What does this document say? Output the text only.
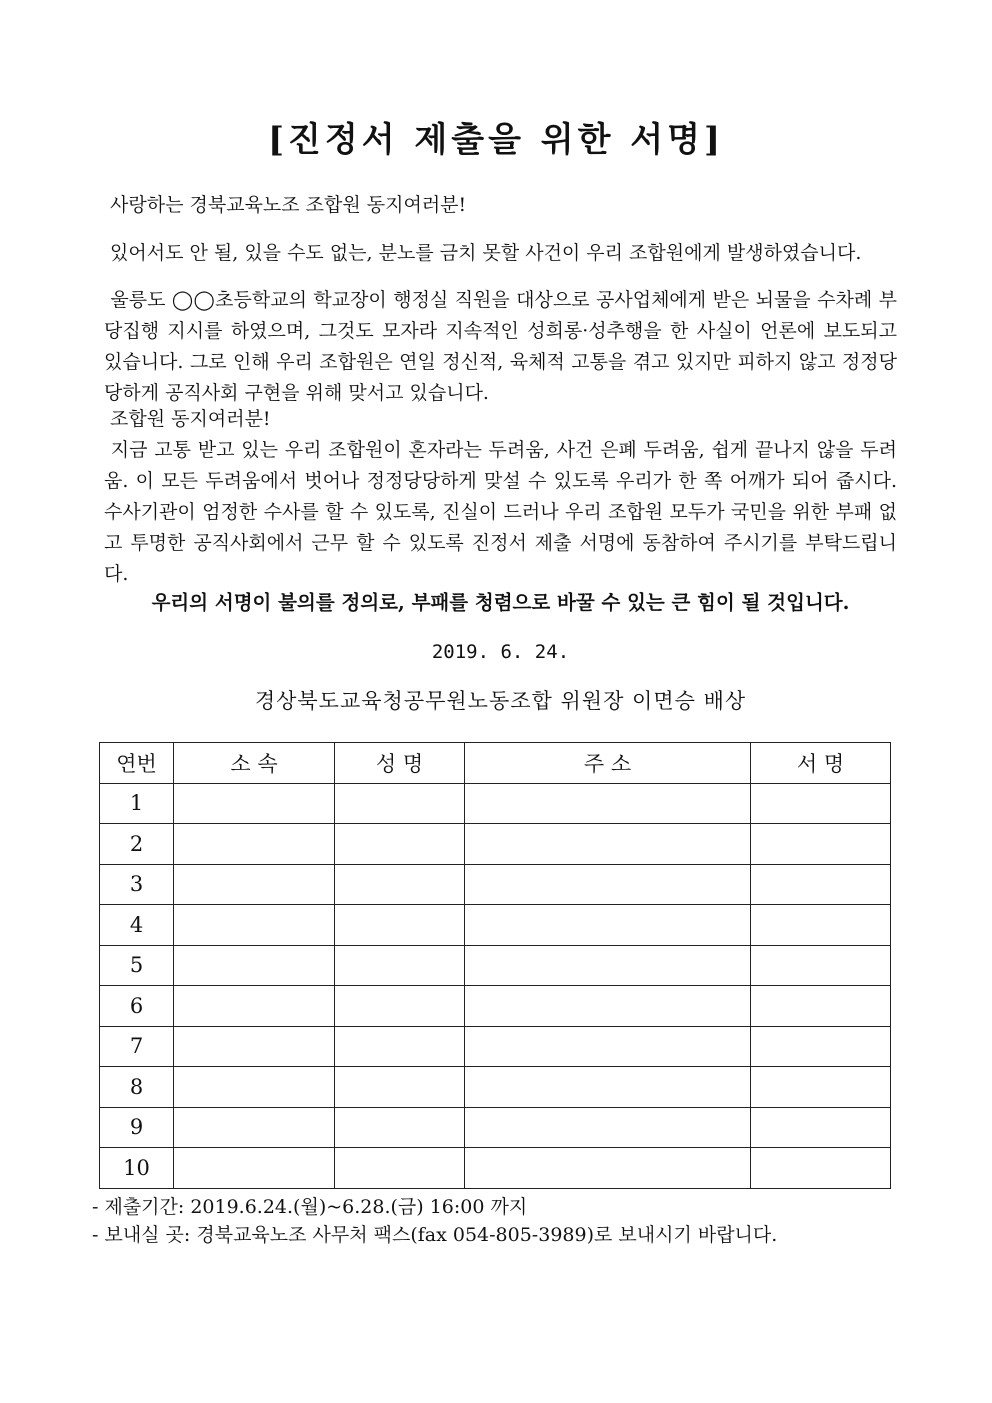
[진정서 제출을 위한 서명]

사랑하는 경북교육노조 조합원 동지여러분!

있어서도 안 될, 있을 수도 없는, 분노를 금치 못할 사건이 우리 조합원에게 발생하였습니다.

울릉도 ◯◯초등학교의 학교장이 행정실 직원을 대상으로 공사업체에게 받은 뇌물을 수차례 부당집행 지시를 하였으며, 그것도 모자라 지속적인 성희롱·성추행을 한 사실이 언론에 보도되고 있습니다. 그로 인해 우리 조합원은 연일 정신적, 육체적 고통을 겪고 있지만 피하지 않고 정정당당하게 공직사회 구현을 위해 맞서고 있습니다.

조합원 동지여러분!
지금 고통 받고 있는 우리 조합원이 혼자라는 두려움, 사건 은폐 두려움, 쉽게 끝나지 않을 두려움. 이 모든 두려움에서 벗어나 정정당당하게 맞설 수 있도록 우리가 한 쪽 어깨가 되어 줍시다. 수사기관이 엄정한 수사를 할 수 있도록, 진실이 드러나 우리 조합원 모두가 국민을 위한 부패 없고 투명한 공직사회에서 근무 할 수 있도록 진정서 제출 서명에 동참하여 주시기를 부탁드립니다.

우리의 서명이 불의를 정의로, 부패를 청렴으로 바꿀 수 있는 큰 힘이 될 것입니다.

2019. 6. 24.

경상북도교육청공무원노동조합 위원장 이면승 배상

연번	소 속	성 명	주 소	서 명
1				
2				
3				
4				
5				
6				
7				
8				
9				
10				
- 제출기간: 2019.6.24.(월)~6.28.(금) 16:00 까지
- 보내실 곳: 경북교육노조 사무처 팩스(fax 054-805-3989)로 보내시기 바랍니다.
